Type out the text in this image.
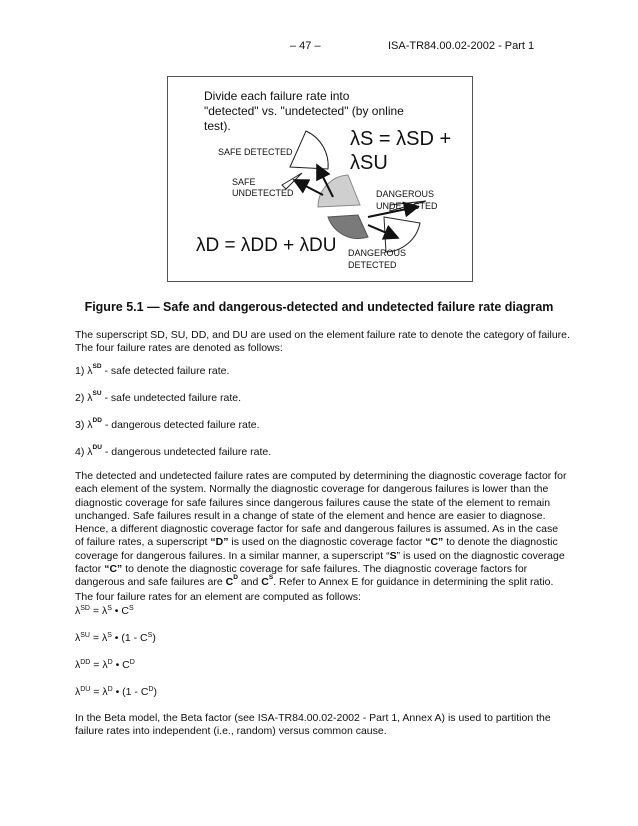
– 47 –	ISA-TR84.00.02-2002 - Part 1
Divide each failure rate into
"detected" vs. "undetected" (by online
test).
SAFE DETECTED
SAFE
UNDETECTED	DANGEROUS
UNDETECTED
DANGEROUS
DETECTED
λS = λSD + λSU
λD = λDD + λDU
Figure 5.1 — Safe and dangerous-detected and undetected failure rate diagram
The superscript SD, SU, DD, and DU are used on the element failure rate to denote the category of failure. The four failure rates are denoted as follows:
1) $\lambda^{SD}$ - safe detected failure rate.
2) $\lambda^{SU}$ - safe undetected failure rate.
3) $\lambda^{DD}$ - dangerous detected failure rate.
4) $\lambda^{DU}$ - dangerous undetected failure rate.
The detected and undetected failure rates are computed by determining the diagnostic coverage factor for each element of the system. Normally the diagnostic coverage for dangerous failures is lower than the diagnostic coverage for safe failures since dangerous failures cause the state of the element to remain unchanged. Safe failures result in a change of state of the element and hence are easier to diagnose. Hence, a different diagnostic coverage factor for safe and dangerous failures is assumed. As in the case of failure rates, a superscript “D” is used on the diagnostic coverage factor “C” to denote the diagnostic coverage for dangerous failures. In a similar manner, a superscript “S” is used on the diagnostic coverage factor “C” to denote the diagnostic coverage for safe failures. The diagnostic coverage factors for dangerous and safe failures are $C^D$ and $C^S$. Refer to Annex E for guidance in determining the split ratio. The four failure rates for an element are computed as follows:
$\lambda^{SD} = \lambda^S$ • $C^S$
$\lambda^{SU} = \lambda^S$ • $(1 - C^S)$
$\lambda^{DD} = \lambda^D$ • $C^D$
$\lambda^{DU} = \lambda^D$ • $(1 - C^D)$
In the Beta model, the Beta factor (see ISA-TR84.00.02-2002 - Part 1, Annex A) is used to partition the failure rates into independent (i.e., random) versus common cause.
